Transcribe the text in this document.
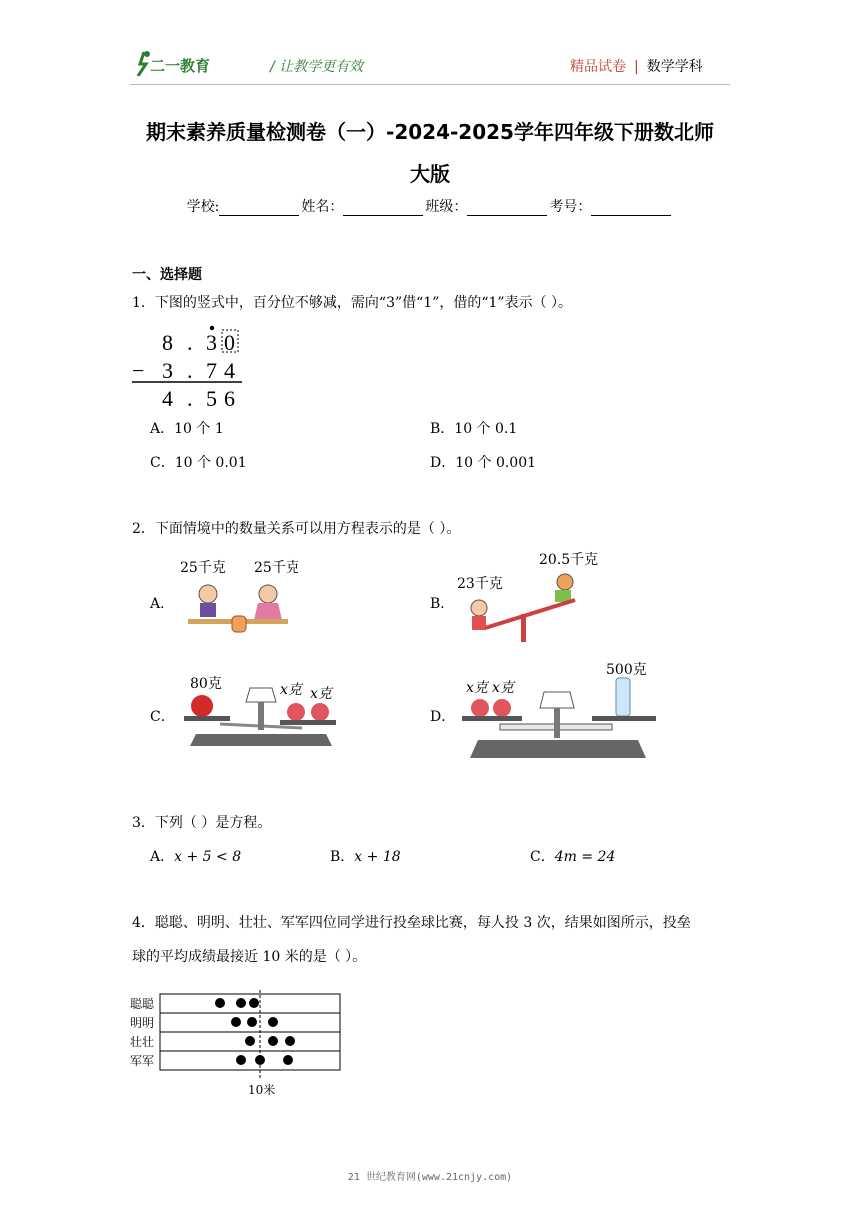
二一教育	/ 让教学更有效	精品试卷 | 数学学科
期末素养质量检测卷（一）-2024-2025学年四年级下册数北师
大版
学校:	姓名：	班级：	考号：
一、选择题
1．下图的竖式中，百分位不够减，需向“3”借“1”，借的“1”表示（ ）。
8 . 3 0
− 3 . 7 4
4 . 5 6
A．10 个 1	B．10 个 0.1
C．10 个 0.01	D．10 个 0.001
2．下面情境中的数量关系可以用方程表示的是（ ）。
A．
25千克 25千克
B．
20.5千克
23千克
C．
80克	x克 x克
D．
x克 x克
500克
3．下列（ ）是方程。
A．x + 5 < 8	B．x + 18	C．4m = 24
4．聪聪、明明、壮壮、军军四位同学进行投垒球比赛，每人投 3 次，结果如图所示，投垒
球的平均成绩最接近 10 米的是（ ）。
聪聪
明明
壮壮
军军
10米
21 世纪教育网(www.21cnjy.com)
